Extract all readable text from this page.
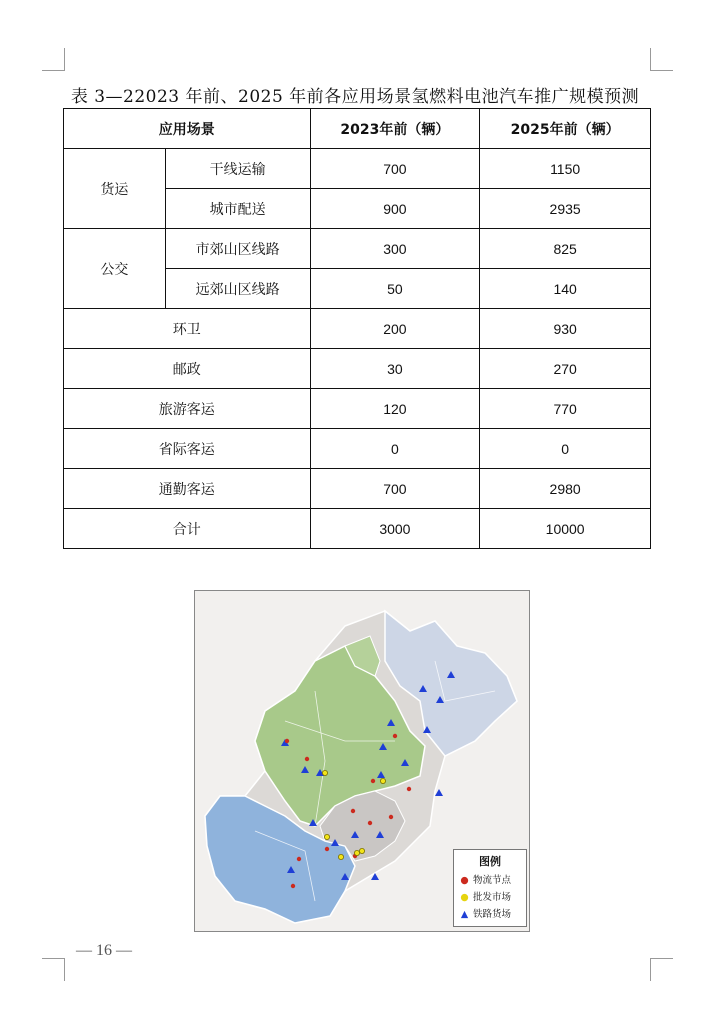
表 3—22023 年前、2025 年前各应用场景氢燃料电池汽车推广规模预测
应用场景		2023年前（辆）	2025年前（辆）
货运	干线运输	700	1150
	城市配送	900	2935
公交	市郊山区线路	300	825
	远郊山区线路	50	140
环卫		200	930
邮政		30	270
旅游客运		120	770
省际客运		0	0
通勤客运		700	2980
合计		3000	10000
图例
● 物流节点
● 批发市场
▲ 铁路货场
— 16 —
